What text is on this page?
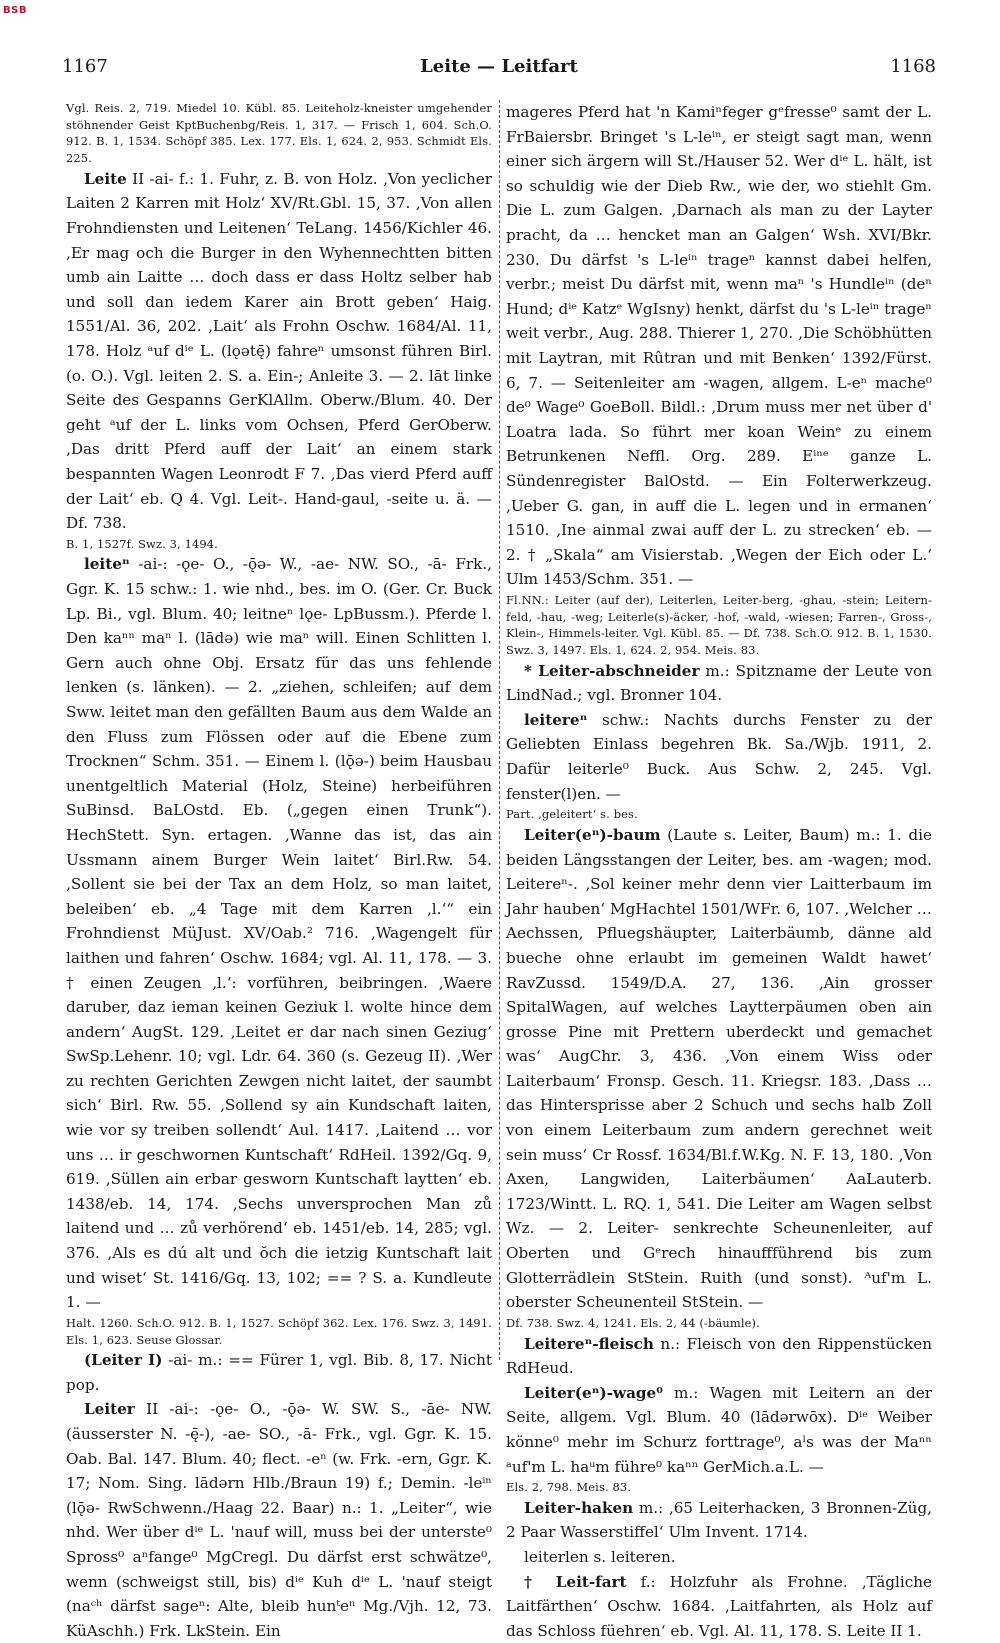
BSB
1167	Leite — Leitfart	1168

Vgl. Reis. 2, 719. Miedel 10. Kübl. 85. Leiteholz-kneister umgehender stöhnender Geist KptBuchenbg/Reis. 1, 317. — Frisch 1, 604. Sch.O. 912. B. 1, 1534. Schöpf 385. Lex. 177. Els. 1, 624. 2, 953. Schmidt Els. 225.

Leite II -ai- f.: 1. Fuhr, z. B. von Holz. ‚Von yeclicher Laiten 2 Karren mit Holz‘ XV/Rt.Gbl. 15, 37. ‚Von allen Frohndiensten und Leitenen‘ TeLang. 1456/Kichler 46. ‚Er mag och die Burger in den Wyhennechtten bitten umb ain Laitte … doch dass er dass Holtz selber hab und soll dan iedem Karer ain Brott geben‘ Haig. 1551/Al. 36, 202. ‚Lait‘ als Frohn Oschw. 1684/Al. 11, 178. Holz ᵃuf dⁱᵉ L. (lǫətę̄) fahreⁿ umsonst führen Birl. (o. O.). Vgl. leiten 2. S. a. Ein-; Anleite 3. — 2. lāt linke Seite des Gespanns GerKlAllm. Oberw./Blum. 40. Der geht ᵃuf der L. links vom Ochsen, Pferd GerOberw. ‚Das dritt Pferd auff der Lait‘ an einem stark bespannten Wagen Leonrodt F 7. ‚Das vierd Pferd auff der Lait‘ eb. Q 4. Vgl. Leit-. Hand-gaul, -seite u. ä. — Df. 738.

B. 1, 1527f. Swz. 3, 1494.

leiteⁿ -ai-: -ǫe- O., -ǭə- W., -ae- NW. SO., -ā- Frk., Ggr. K. 15 schw.: 1. wie nhd., bes. im O. (Ger. Cr. Buck Lp. Bi., vgl. Blum. 40; leitneⁿ lǫe- LpBussm.). Pferde l. Den kaⁿⁿ maⁿ l. (lādə) wie maⁿ will. Einen Schlitten l. Gern auch ohne Obj. Ersatz für das uns fehlende lenken (s. länken). — 2. „ziehen, schleifen; auf dem Sww. leitet man den gefällten Baum aus dem Walde an den Fluss zum Flössen oder auf die Ebene zum Trocknen“ Schm. 351. — Einem l. (lǭə-) beim Hausbau unentgeltlich Material (Holz, Steine) herbeiführen SuBinsd. BaLOstd. Eb. („gegen einen Trunk“). HechStett. Syn. ertagen. ‚Wanne das ist, das ain Ussmann ainem Burger Wein laitet‘ Birl.Rw. 54. ‚Sollent sie bei der Tax an dem Holz, so man laitet, beleiben‘ eb. „4 Tage mit dem Karren ‚l.‘“ ein Frohndienst MüJust. XV/Oab.² 716. ‚Wagengelt für laithen und fahren‘ Oschw. 1684; vgl. Al. 11, 178. — 3. † einen Zeugen ‚l.‘: vorführen, beibringen. ‚Waere daruber, daz ieman keinen Geziuk l. wolte hince dem andern‘ AugSt. 129. ‚Leitet er dar nach sinen Geziug‘ SwSp.Lehenr. 10; vgl. Ldr. 64. 360 (s. Gezeug II). ‚Wer zu rechten Gerichten Zewgen nicht laitet, der saumbt sich‘ Birl. Rw. 55. ‚Sollend sy ain Kundschaft laiten, wie vor sy treiben sollendt‘ Aul. 1417. ‚Laitend … vor uns … ir geschwornen Kuntschaft‘ RdHeil. 1392/Gq. 9, 619. ‚Süllen ain erbar gesworn Kuntschaft laytten‘ eb. 1438/eb. 14, 174. ‚Sechs unversprochen Man zů laitend und … zů verhörend‘ eb. 1451/eb. 14, 285; vgl. 376. ‚Als es dú alt und ŏch die ietzig Kuntschaft lait und wiset‘ St. 1416/Gq. 13, 102; == ? S. a. Kundleute 1. —

Halt. 1260. Sch.O. 912. B. 1, 1527. Schöpf 362. Lex. 176. Swz. 3, 1491. Els. 1, 623. Seuse Glossar.

(Leiter I) -ai- m.: == Fürer 1, vgl. Bib. 8, 17. Nicht pop.

Leiter II -ai-: -ǫe- O., -ǭə- W. SW. S., -āe- NW. (äusserster N. -ę̄-), -ae- SO., -ā- Frk., vgl. Ggr. K. 15. Oab. Bal. 147. Blum. 40; flect. -eⁿ (w. Frk. -ern, Ggr. K. 17; Nom. Sing. lādərn Hlb./Braun 19) f.; Demin. -leⁱⁿ (lǭə- RwSchwenn./Haag 22. Baar) n.: 1. „Leiter“, wie nhd. Wer über dⁱᵉ L. 'nauf will, muss bei der unterste⁰ Spross⁰ aⁿfange⁰ MgCregl. Du därfst erst schwätze⁰, wenn (schweigst still, bis) dⁱᵉ Kuh dⁱᵉ L. 'nauf steigt (naᶜʰ därfst sageⁿ: Alte, bleib hunᵗeⁿ Mg./Vjh. 12, 73. KüAschh.) Frk. LkStein. Ein

mageres Pferd hat 'n Kamiⁿfeger gᵉfresse⁰ samt der L. FrBaiersbr. Bringet 's L-leⁱⁿ, er steigt sagt man, wenn einer sich ärgern will St./Hauser 52. Wer dⁱᵉ L. hält, ist so schuldig wie der Dieb Rw., wie der, wo stiehlt Gm. Die L. zum Galgen. ‚Darnach als man zu der Layter pracht, da … hencket man an Galgen‘ Wsh. XVI/Bkr. 230. Du därfst 's L-leⁱⁿ trageⁿ kannst dabei helfen, verbr.; meist Du därfst mit, wenn maⁿ 's Hundleⁱⁿ (deⁿ Hund; dⁱᵉ Katzᵉ WgIsny) henkt, därfst du 's L-leⁱⁿ trageⁿ weit verbr., Aug. 288. Thierer 1, 270. ‚Die Schöbhütten mit Laytran, mit Rûtran und mit Benken‘ 1392/Fürst. 6, 7. — Seitenleiter am -wagen, allgem. L-eⁿ mache⁰ de⁰ Wage⁰ GoeBoll. Bildl.: ‚Drum muss mer net über d' Loatra lada. So führt mer koan Weinᵉ zu einem Betrunkenen Neffl. Org. 289. Eⁱⁿᵉ ganze L. Sündenregister BalOstd. — Ein Folterwerkzeug. ‚Ueber G. gan, in auff die L. legen und in ermanen‘ 1510. ‚Ine ainmal zwai auff der L. zu strecken‘ eb. — 2. † „Skala“ am Visierstab. ‚Wegen der Eich oder L.‘ Ulm 1453/Schm. 351. —

Fl.NN.: Leiter (auf der), Leiterlen, Leiter-berg, -ghau, -stein; Leitern-feld, -hau, -weg; Leiterle(s)-äcker, -hof, -wald, -wiesen; Farren-, Gross-, Klein-, Himmels-leiter. Vgl. Kübl. 85. — Df. 738. Sch.O. 912. B. 1, 1530. Swz. 3, 1497. Els. 1, 624. 2, 954. Meis. 83.

* Leiter-abschneider m.: Spitzname der Leute von LindNad.; vgl. Bronner 104.

leitereⁿ schw.: Nachts durchs Fenster zu der Geliebten Einlass begehren Bk. Sa./Wjb. 1911, 2. Dafür leiterle⁰ Buck. Aus Schw. 2, 245. Vgl. fenster(l)en. —

Part. ‚geleitert‘ s. bes.

Leiter(eⁿ)-baum (Laute s. Leiter, Baum) m.: 1. die beiden Längsstangen der Leiter, bes. am -wagen; mod. Leitereⁿ-. ‚Sol keiner mehr denn vier Laitterbaum im Jahr hauben‘ MgHachtel 1501/WFr. 6, 107. ‚Welcher … Aechssen, Pfluegshäupter, Laiterbäumb, dänne ald bueche ohne erlaubt im gemeinen Waldt hawet‘ RavZussd. 1549/D.A. 27, 136. ‚Ain grosser SpitalWagen, auf welches Laytterpäumen oben ain grosse Pine mit Prettern uberdeckt und gemachet was‘ AugChr. 3, 436. ‚Von einem Wiss oder Laiterbaum‘ Fronsp. Gesch. 11. Kriegsr. 183. ‚Dass … das Hintersprisse aber 2 Schuch und sechs halb Zoll von einem Leiterbaum zum andern gerechnet weit sein muss‘ Cr Rossf. 1634/Bl.f.W.Kg. N. F. 13, 180. ‚Von Axen, Langwiden, Laiterbäumen‘ AaLauterb. 1723/Wintt. L. RQ. 1, 541. Die Leiter am Wagen selbst Wz. — 2. Leiter- senkrechte Scheunenleiter, auf Oberten und Gᵉrech hinauffführend bis zum Glotterrädlein StStein. Ruith (und sonst). ᴬuf'm L. oberster Scheunenteil StStein. —

Df. 738. Swz. 4, 1241. Els. 2, 44 (-bäumle).

Leitereⁿ-fleisch n.: Fleisch von den Rippenstücken RdHeud.

Leiter(eⁿ)-wage⁰ m.: Wagen mit Leitern an der Seite, allgem. Vgl. Blum. 40 (lādərwōx). Dⁱᵉ Weiber könne⁰ mehr im Schurz forttrage⁰, aˡs was der Maⁿⁿ ᵃuf'm L. haᵘm führe⁰ kaⁿⁿ GerMich.a.L. —

Els. 2, 798. Meis. 83.

Leiter-haken m.: ‚65 Leiterhacken, 3 Bronnen-Züg, 2 Paar Wasserstiffel‘ Ulm Invent. 1714.

leiterlen s. leiteren.

† Leit-fart f.: Holzfuhr als Frohne. ‚Tägliche Laitfärthen‘ Oschw. 1684. ‚Laitfahrten, als Holz auf das Schloss füehren‘ eb. Vgl. Al. 11, 178. S. Leite II 1.
